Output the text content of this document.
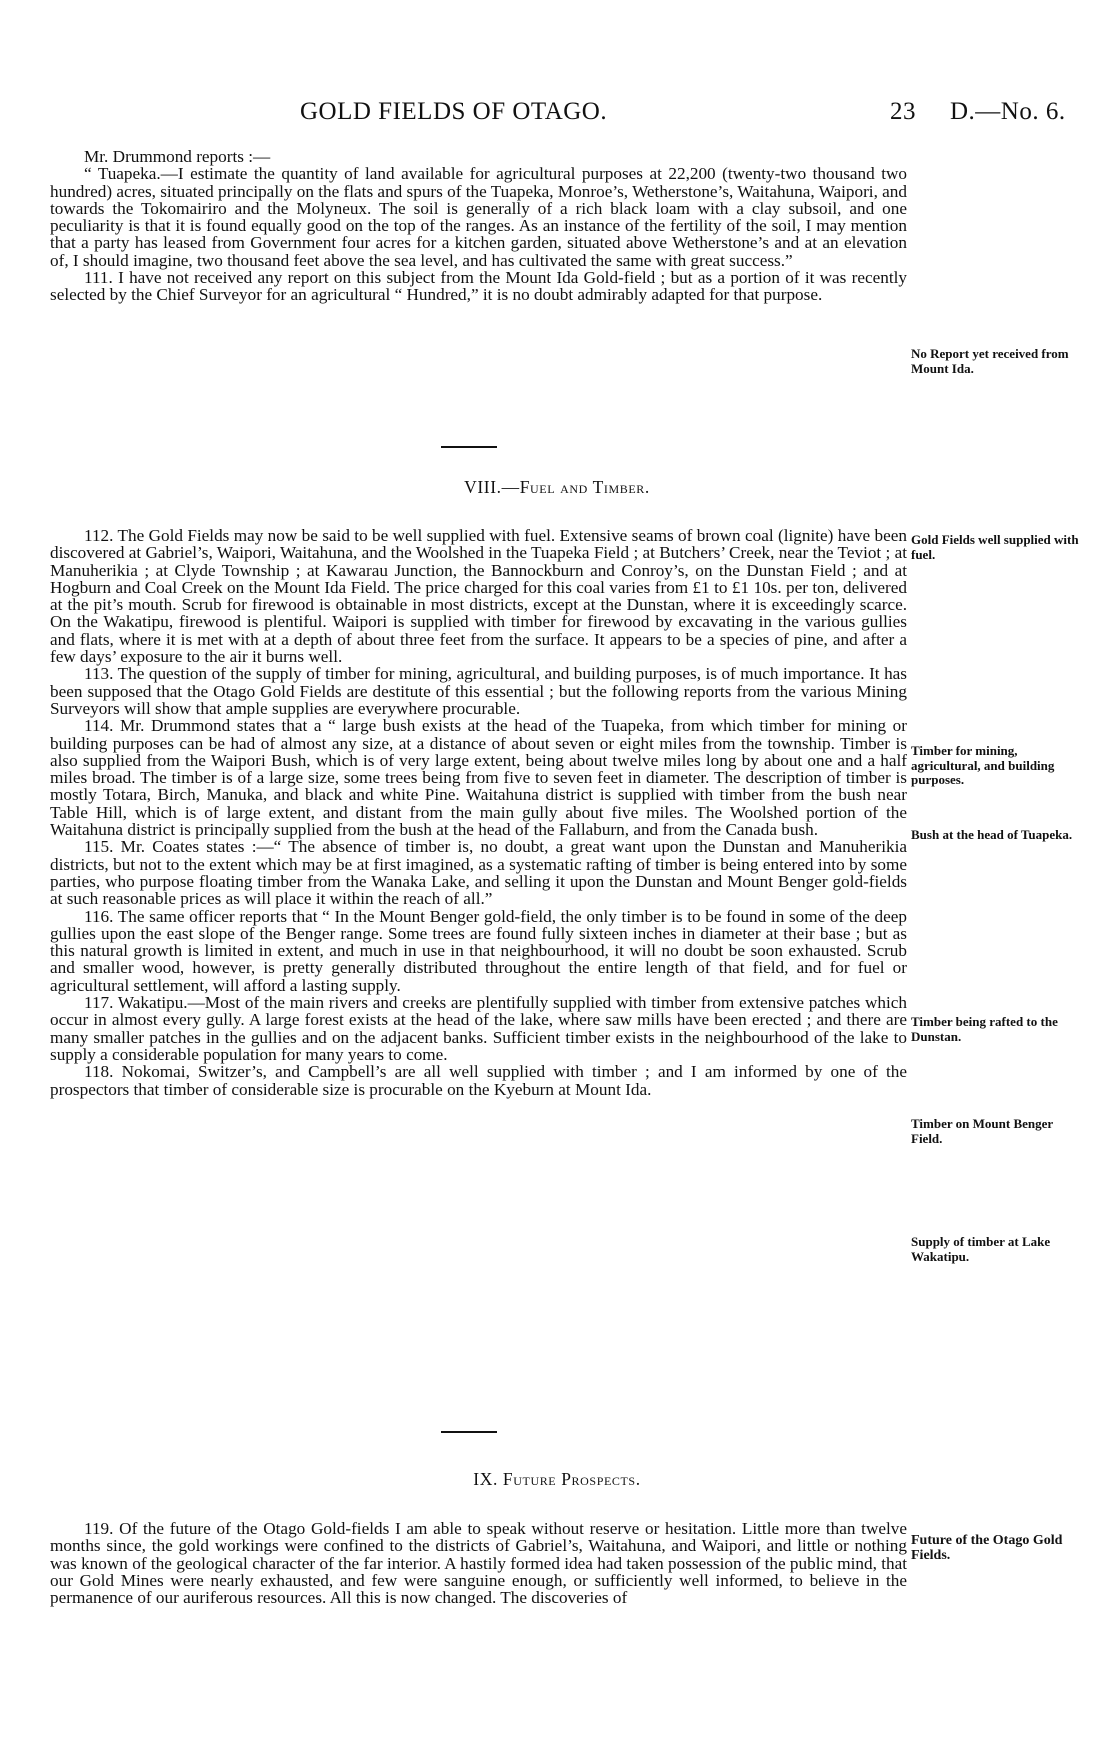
GOLD FIELDS OF OTAGO.	23 D.—No. 6.

Mr. Drummond reports :—

“ Tuapeka.—I estimate the quantity of land available for agricultural purposes at 22,200 (twenty-two thousand two hundred) acres, situated principally on the flats and spurs of the Tuapeka, Monroe’s, Wetherstone’s, Waitahuna, Waipori, and towards the Tokomairiro and the Molyneux. The soil is generally of a rich black loam with a clay subsoil, and one peculiarity is that it is found equally good on the top of the ranges. As an instance of the fertility of the soil, I may mention that a party has leased from Government four acres for a kitchen garden, situated above Wetherstone’s and at an elevation of, I should imagine, two thousand feet above the sea level, and has cultivated the same with great success.”

111. I have not received any report on this subject from the Mount Ida Gold-field ; but as a portion of it was recently selected by the Chief Surveyor for an agricultural “ Hundred,” it is no doubt admirably adapted for that purpose.

No Report yet received from Mount Ida.
VIII.—Fuel and Timber.

112. The Gold Fields may now be said to be well supplied with fuel. Extensive seams of brown coal (lignite) have been discovered at Gabriel’s, Waipori, Waitahuna, and the Woolshed in the Tuapeka Field ; at Butchers’ Creek, near the Teviot ; at Manuherikia ; at Clyde Township ; at Kawarau Junction, the Bannockburn and Conroy’s, on the Dunstan Field ; and at Hogburn and Coal Creek on the Mount Ida Field. The price charged for this coal varies from £1 to £1 10s. per ton, delivered at the pit’s mouth. Scrub for firewood is obtainable in most districts, except at the Dunstan, where it is exceedingly scarce. On the Wakatipu, firewood is plentiful. Waipori is supplied with timber for firewood by excavating in the various gullies and flats, where it is met with at a depth of about three feet from the surface. It appears to be a species of pine, and after a few days’ exposure to the air it burns well.

113. The question of the supply of timber for mining, agricultural, and building purposes, is of much importance. It has been supposed that the Otago Gold Fields are destitute of this essential ; but the following reports from the various Mining Surveyors will show that ample supplies are everywhere procurable.

114. Mr. Drummond states that a “ large bush exists at the head of the Tuapeka, from which timber for mining or building purposes can be had of almost any size, at a distance of about seven or eight miles from the township. Timber is also supplied from the Waipori Bush, which is of very large extent, being about twelve miles long by about one and a half miles broad. The timber is of a large size, some trees being from five to seven feet in diameter. The description of timber is mostly Totara, Birch, Manuka, and black and white Pine. Waitahuna district is supplied with timber from the bush near Table Hill, which is of large extent, and distant from the main gully about five miles. The Woolshed portion of the Waitahuna district is principally supplied from the bush at the head of the Fallaburn, and from the Canada bush.

115. Mr. Coates states :—“ The absence of timber is, no doubt, a great want upon the Dunstan and Manuherikia districts, but not to the extent which may be at first imagined, as a systematic rafting of timber is being entered into by some parties, who purpose floating timber from the Wanaka Lake, and selling it upon the Dunstan and Mount Benger gold-fields at such reasonable prices as will place it within the reach of all.”

116. The same officer reports that “ In the Mount Benger gold-field, the only timber is to be found in some of the deep gullies upon the east slope of the Benger range. Some trees are found fully sixteen inches in diameter at their base ; but as this natural growth is limited in extent, and much in use in that neighbourhood, it will no doubt be soon exhausted. Scrub and smaller wood, however, is pretty generally distributed throughout the entire length of that field, and for fuel or agricultural settlement, will afford a lasting supply.

117. Wakatipu.—Most of the main rivers and creeks are plentifully supplied with timber from extensive patches which occur in almost every gully. A large forest exists at the head of the lake, where saw mills have been erected ; and there are many smaller patches in the gullies and on the adjacent banks. Sufficient timber exists in the neighbourhood of the lake to supply a considerable population for many years to come.

118. Nokomai, Switzer’s, and Campbell’s are all well supplied with timber ; and I am informed by one of the prospectors that timber of considerable size is procurable on the Kyeburn at Mount Ida.

Gold Fields well supplied with fuel.
Timber for mining, agricultural, and building purposes.
Bush at the head of Tuapeka.
Timber being rafted to the Dunstan.
Timber on Mount Benger Field.
Supply of timber at Lake Wakatipu.
IX. Future Prospects.

119. Of the future of the Otago Gold-fields I am able to speak without reserve or hesitation. Little more than twelve months since, the gold workings were confined to the districts of Gabriel’s, Waitahuna, and Waipori, and little or nothing was known of the geological character of the far interior. A hastily formed idea had taken possession of the public mind, that our Gold Mines were nearly exhausted, and few were sanguine enough, or sufficiently well informed, to believe in the permanence of our auriferous resources. All this is now changed. The discoveries of

Future of the Otago Gold Fields.
